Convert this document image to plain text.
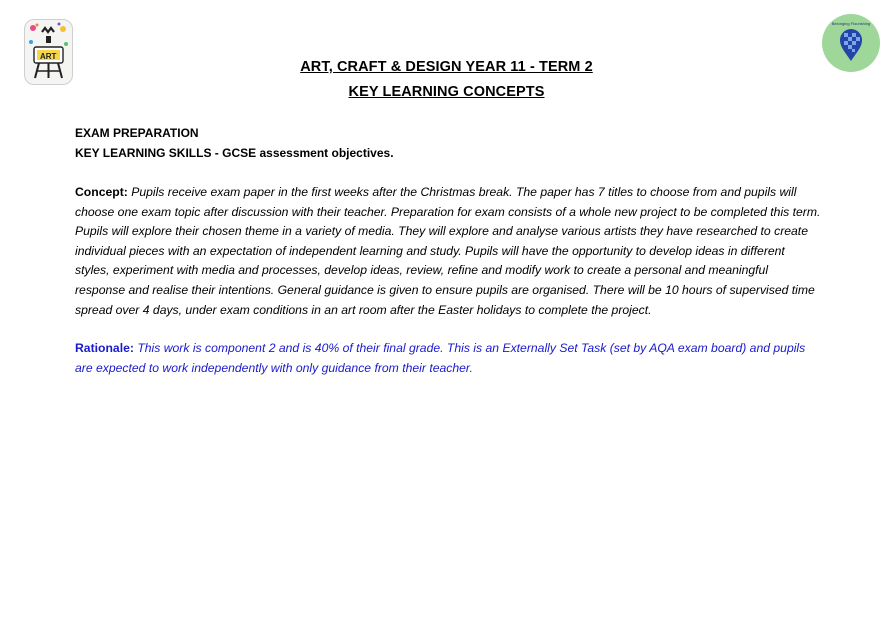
ART
Belonging Flourishing
ART, CRAFT & DESIGN YEAR 11 - TERM 2
KEY LEARNING CONCEPTS
EXAM PREPARATION
KEY LEARNING SKILLS - GCSE assessment objectives.
Concept: Pupils receive exam paper in the first weeks after the Christmas break. The paper has 7 titles to choose from and pupils will choose one exam topic after discussion with their teacher. Preparation for exam consists of a whole new project to be completed this term. Pupils will explore their chosen theme in a variety of media. They will explore and analyse various artists they have researched to create individual pieces with an expectation of independent learning and study. Pupils will have the opportunity to develop ideas in different styles, experiment with media and processes, develop ideas, review, refine and modify work to create a personal and meaningful response and realise their intentions. General guidance is given to ensure pupils are organised. There will be 10 hours of supervised time spread over 4 days, under exam conditions in an art room after the Easter holidays to complete the project.
Rationale: This work is component 2 and is 40% of their final grade. This is an Externally Set Task (set by AQA exam board) and pupils are expected to work independently with only guidance from their teacher.
